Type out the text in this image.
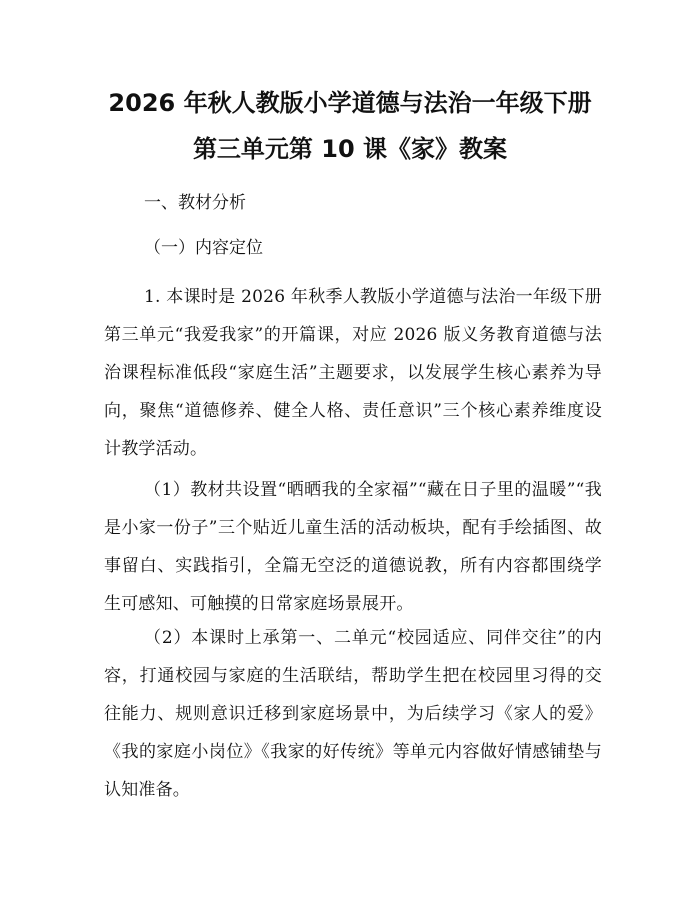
2026 年秋人教版小学道德与法治一年级下册
第三单元第 10 课《家》教案

一、教材分析

（一）内容定位

1. 本课时是 2026 年秋季人教版小学道德与法治一年级下册第三单元“我爱我家”的开篇课，对应 2026 版义务教育道德与法治课程标准低段“家庭生活”主题要求，以发展学生核心素养为导向，聚焦“道德修养、健全人格、责任意识”三个核心素养维度设计教学活动。

（1）教材共设置“晒晒我的全家福”“藏在日子里的温暖”“我是小家一份子”三个贴近儿童生活的活动板块，配有手绘插图、故事留白、实践指引，全篇无空泛的道德说教，所有内容都围绕学生可感知、可触摸的日常家庭场景展开。

（2）本课时上承第一、二单元“校园适应、同伴交往”的内容，打通校园与家庭的生活联结，帮助学生把在校园里习得的交往能力、规则意识迁移到家庭场景中，为后续学习《家人的爱》《我的家庭小岗位》《我家的好传统》等单元内容做好情感铺垫与认知准备。
